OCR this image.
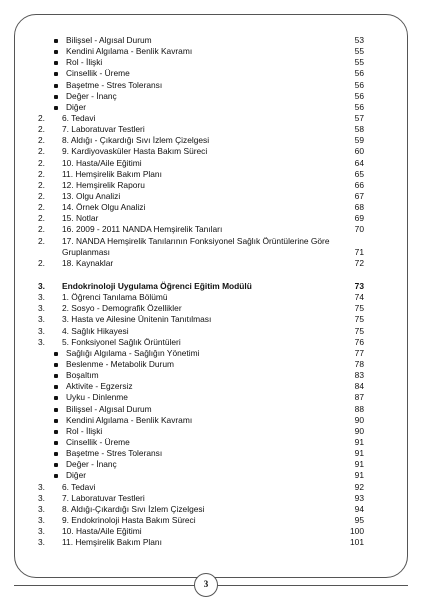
Bilişsel - Algısal Durum	53
Kendini Algılama - Benlik Kavramı	55
Rol - İlişki	55
Cinsellik - Üreme	56
Başetme - Stres Toleransı	56
Değer - İnanç	56
Diğer	56
2. 6. Tedavi	57
2. 7. Laboratuvar Testleri	58
2. 8. Aldığı - Çıkardığı Sıvı İzlem Çizelgesi	59
2. 9. Kardiyovasküler Hasta Bakım Süreci	60
2. 10. Hasta/Aile Eğitimi	64
2. 11. Hemşirelik Bakım Planı	65
2. 12. Hemşirelik Raporu	66
2. 13. Olgu Analizi	67
2. 14. Örnek Olgu Analizi	68
2. 15. Notlar	69
2. 16. 2009 - 2011 NANDA Hemşirelik Tanıları	70
2. 17. NANDA Hemşirelik Tanılarının Fonksiyonel Sağlık Örüntülerine Göre Gruplanması	71
2. 18. Kaynaklar	72
3. Endokrinoloji Uygulama Öğrenci Eğitim Modülü	73
3. 1. Öğrenci Tanılama Bölümü	74
3. 2. Sosyo - Demografik Özellikler	75
3. 3. Hasta ve Ailesine Ünitenin Tanıtılması	75
3. 4. Sağlık Hikayesi	75
3. 5. Fonksiyonel Sağlık Örüntüleri	76
Sağlığı Algılama - Sağlığın Yönetimi	77
Beslenme - Metabolik Durum	78
Boşaltım	83
Aktivite - Egzersiz	84
Uyku - Dinlenme	87
Bilişsel - Algısal Durum	88
Kendini Algılama - Benlik Kavramı	90
Rol - İlişki	90
Cinsellik - Üreme	91
Başetme - Stres Toleransı	91
Değer - İnanç	91
Diğer	91
3. 6. Tedavi	92
3. 7. Laboratuvar Testleri	93
3. 8. Aldığı-Çıkardığı Sıvı İzlem Çizelgesi	94
3. 9. Endokrinoloji Hasta Bakım Süreci	95
3. 10. Hasta/Aile Eğitimi	100
3. 11. Hemşirelik Bakım Planı	101
3
